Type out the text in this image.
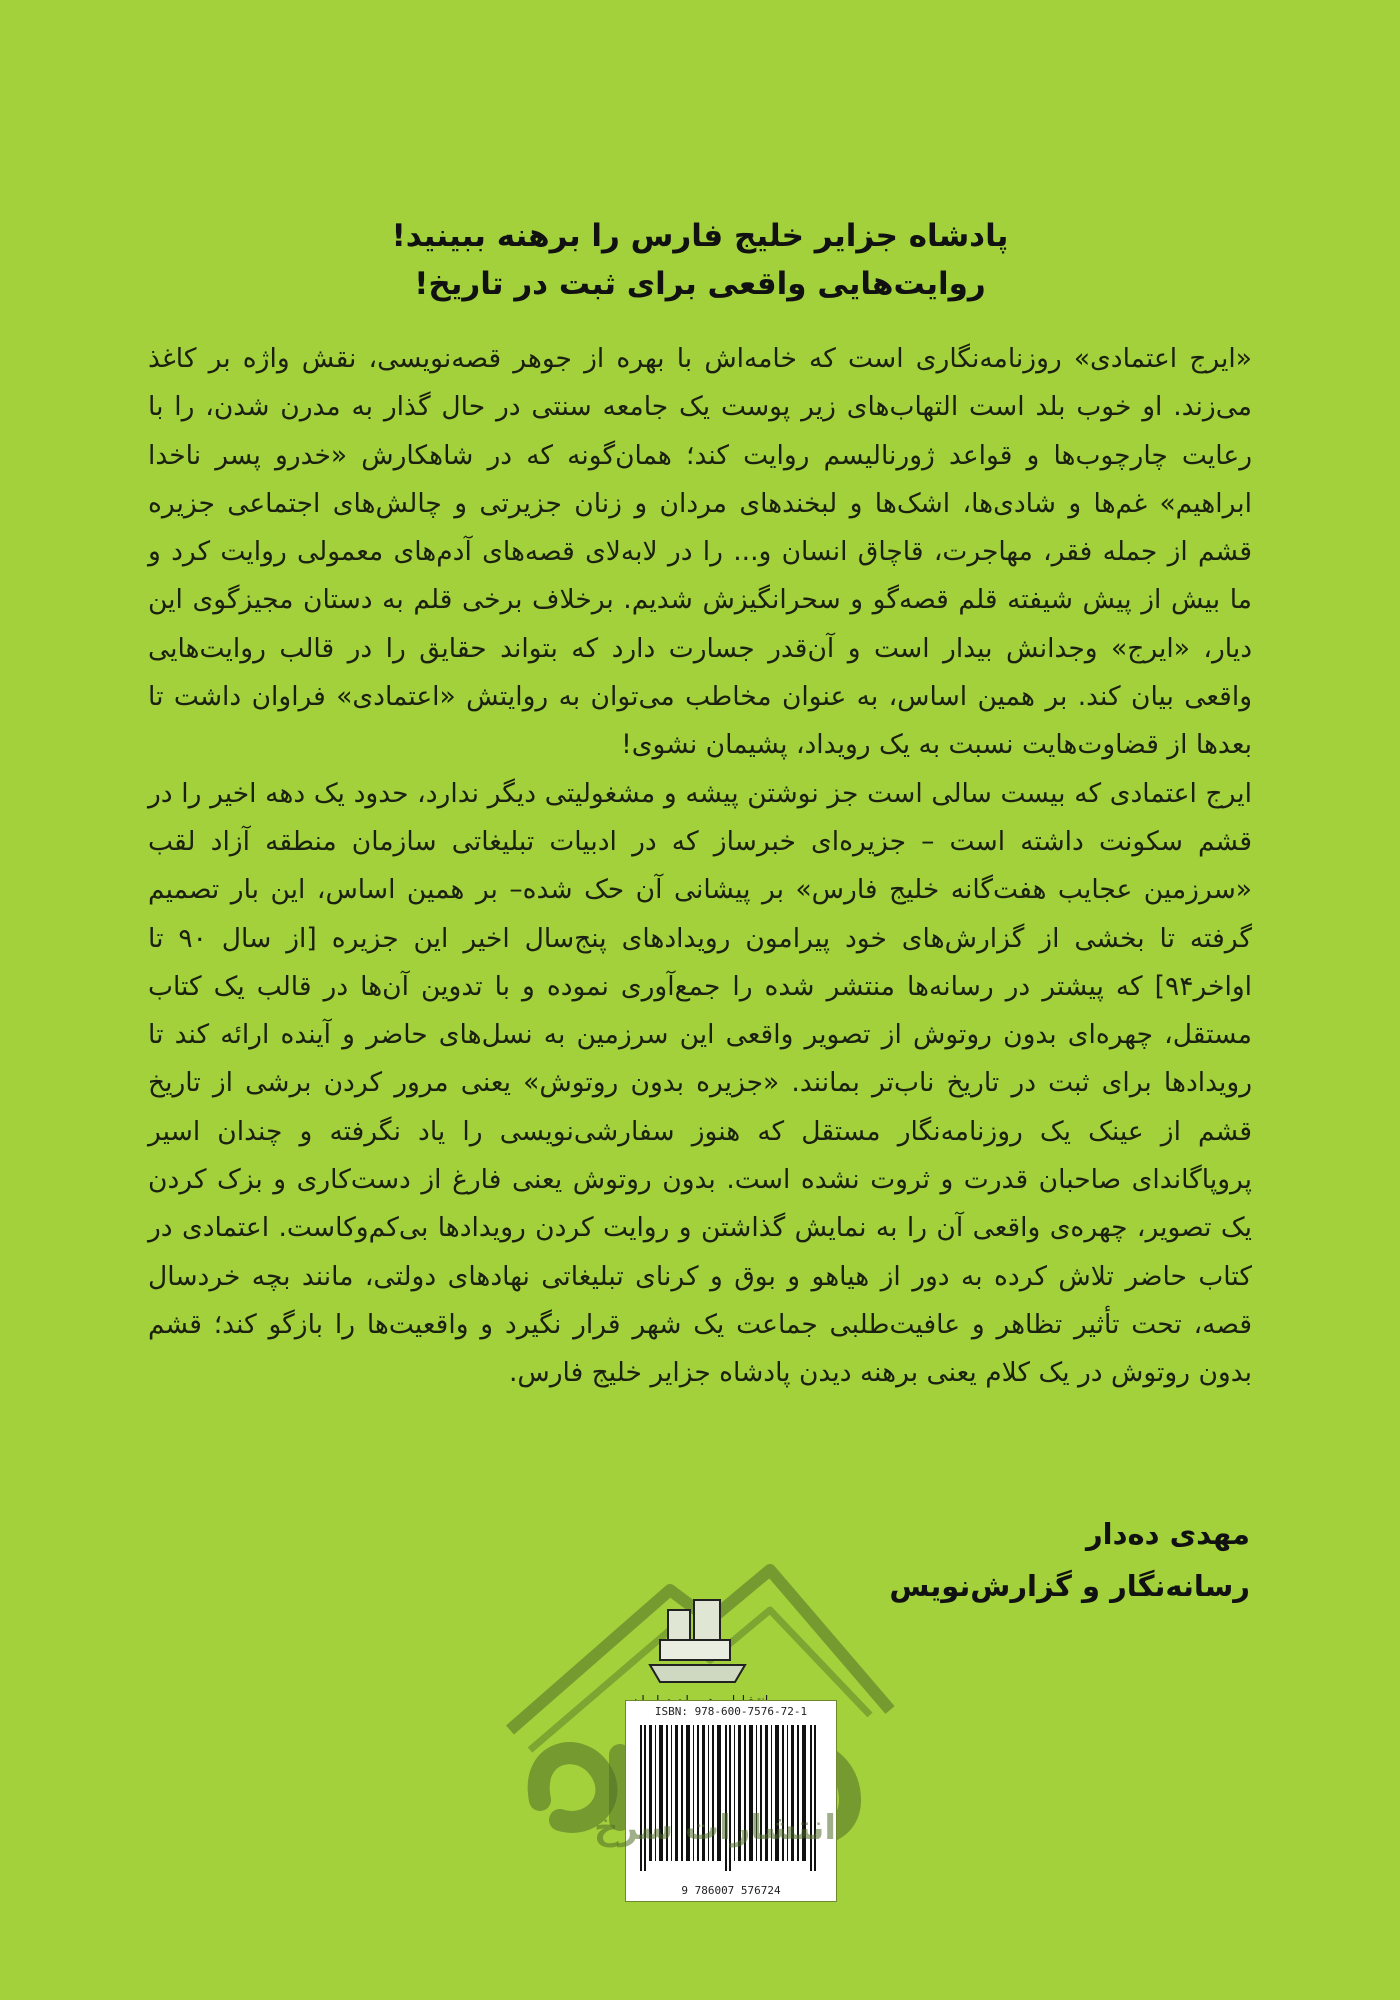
پادشاه جزایر خلیج فارس را برهنه ببینید!
روایت‌هایی واقعی برای ثبت در تاریخ!

«ایرج اعتمادی» روزنامه‌نگاری است که خامه‌اش با بهره از جوهر قصه‌نویسی، نقش واژه بر کاغذ می‌زند. او خوب بلد است التهاب‌های زیر پوست یک جامعه سنتی در حال گذار به مدرن شدن، را با رعایت چارچوب‌ها و قواعد ژورنالیسم روایت کند؛ همان‌گونه که در شاهکارش «خدرو پسر ناخدا ابراهیم» غم‌ها و شادی‌ها، اشک‌ها و لبخندهای مردان و زنان جزیرتی و چالش‌های اجتماعی جزیره قشم از جمله فقر، مهاجرت، قاچاق انسان و... را در لابه‌لای قصه‌های آدم‌های معمولی روایت کرد و ما بیش از پیش شیفته قلم قصه‌گو و سحرانگیزش شدیم. برخلاف برخی قلم به دستان مجیزگوی این دیار، «ایرج» وجدانش بیدار است و آن‌قدر جسارت دارد که بتواند حقایق را در قالب روایت‌هایی واقعی بیان کند. بر همین اساس، به عنوان مخاطب می‌توان به روایتش «اعتمادی» فراوان داشت تا بعدها از قضاوت‌هایت نسبت به یک رویداد، پشیمان نشوی!

ایرج اعتمادی که بیست سالی است جز نوشتن پیشه و مشغولیتی دیگر ندارد، حدود یک دهه اخیر را در قشم سکونت داشته است – جزیره‌ای خبرساز که در ادبیات تبلیغاتی سازمان منطقه آزاد لقب «سرزمین عجایب هفت‌گانه خلیج فارس» بر پیشانی آن حک شده– بر همین اساس، این بار تصمیم گرفته تا بخشی از گزارش‌های خود پیرامون رویدادهای پنج‌سال اخیر این جزیره [از سال ۹۰ تا اواخر۹۴] که پیشتر در رسانه‌ها منتشر شده را جمع‌آوری نموده و با تدوین آن‌ها در قالب یک کتاب مستقل، چهره‌ای بدون روتوش از تصویر واقعی این سرزمین به نسل‌های حاضر و آینده ارائه کند تا رویدادها برای ثبت در تاریخ ناب‌تر بمانند. «جزیره بدون روتوش» یعنی مرور کردن برشی از تاریخ قشم از عینک یک روزنامه‌نگار مستقل که هنوز سفارشی‌نویسی را یاد نگرفته و چندان اسیر پروپاگاندای صاحبان قدرت و ثروت نشده است. بدون روتوش یعنی فارغ از دست‌کاری و بزک کردن یک تصویر، چهره‌ی واقعی آن را به نمایش گذاشتن و روایت کردن رویدادها بی‌کم‌وکاست. اعتمادی در کتاب حاضر تلاش کرده به دور از هیاهو و بوق و کرنای تبلیغاتی نهادهای دولتی، مانند بچه خردسال قصه، تحت تأثیر تظاهر و عافیت‌طلبی جماعت یک شهر قرار نگیرد و واقعیت‌ها را بازگو کند؛ قشم بدون روتوش در یک کلام یعنی برهنه دیدن پادشاه جزایر خلیج فارس.

مهدی ده‌دار
رسانه‌نگار و گزارش‌نویس
ISBN: 978-600-7576-72-1
9 786007 576724
انتشارات سرخ
